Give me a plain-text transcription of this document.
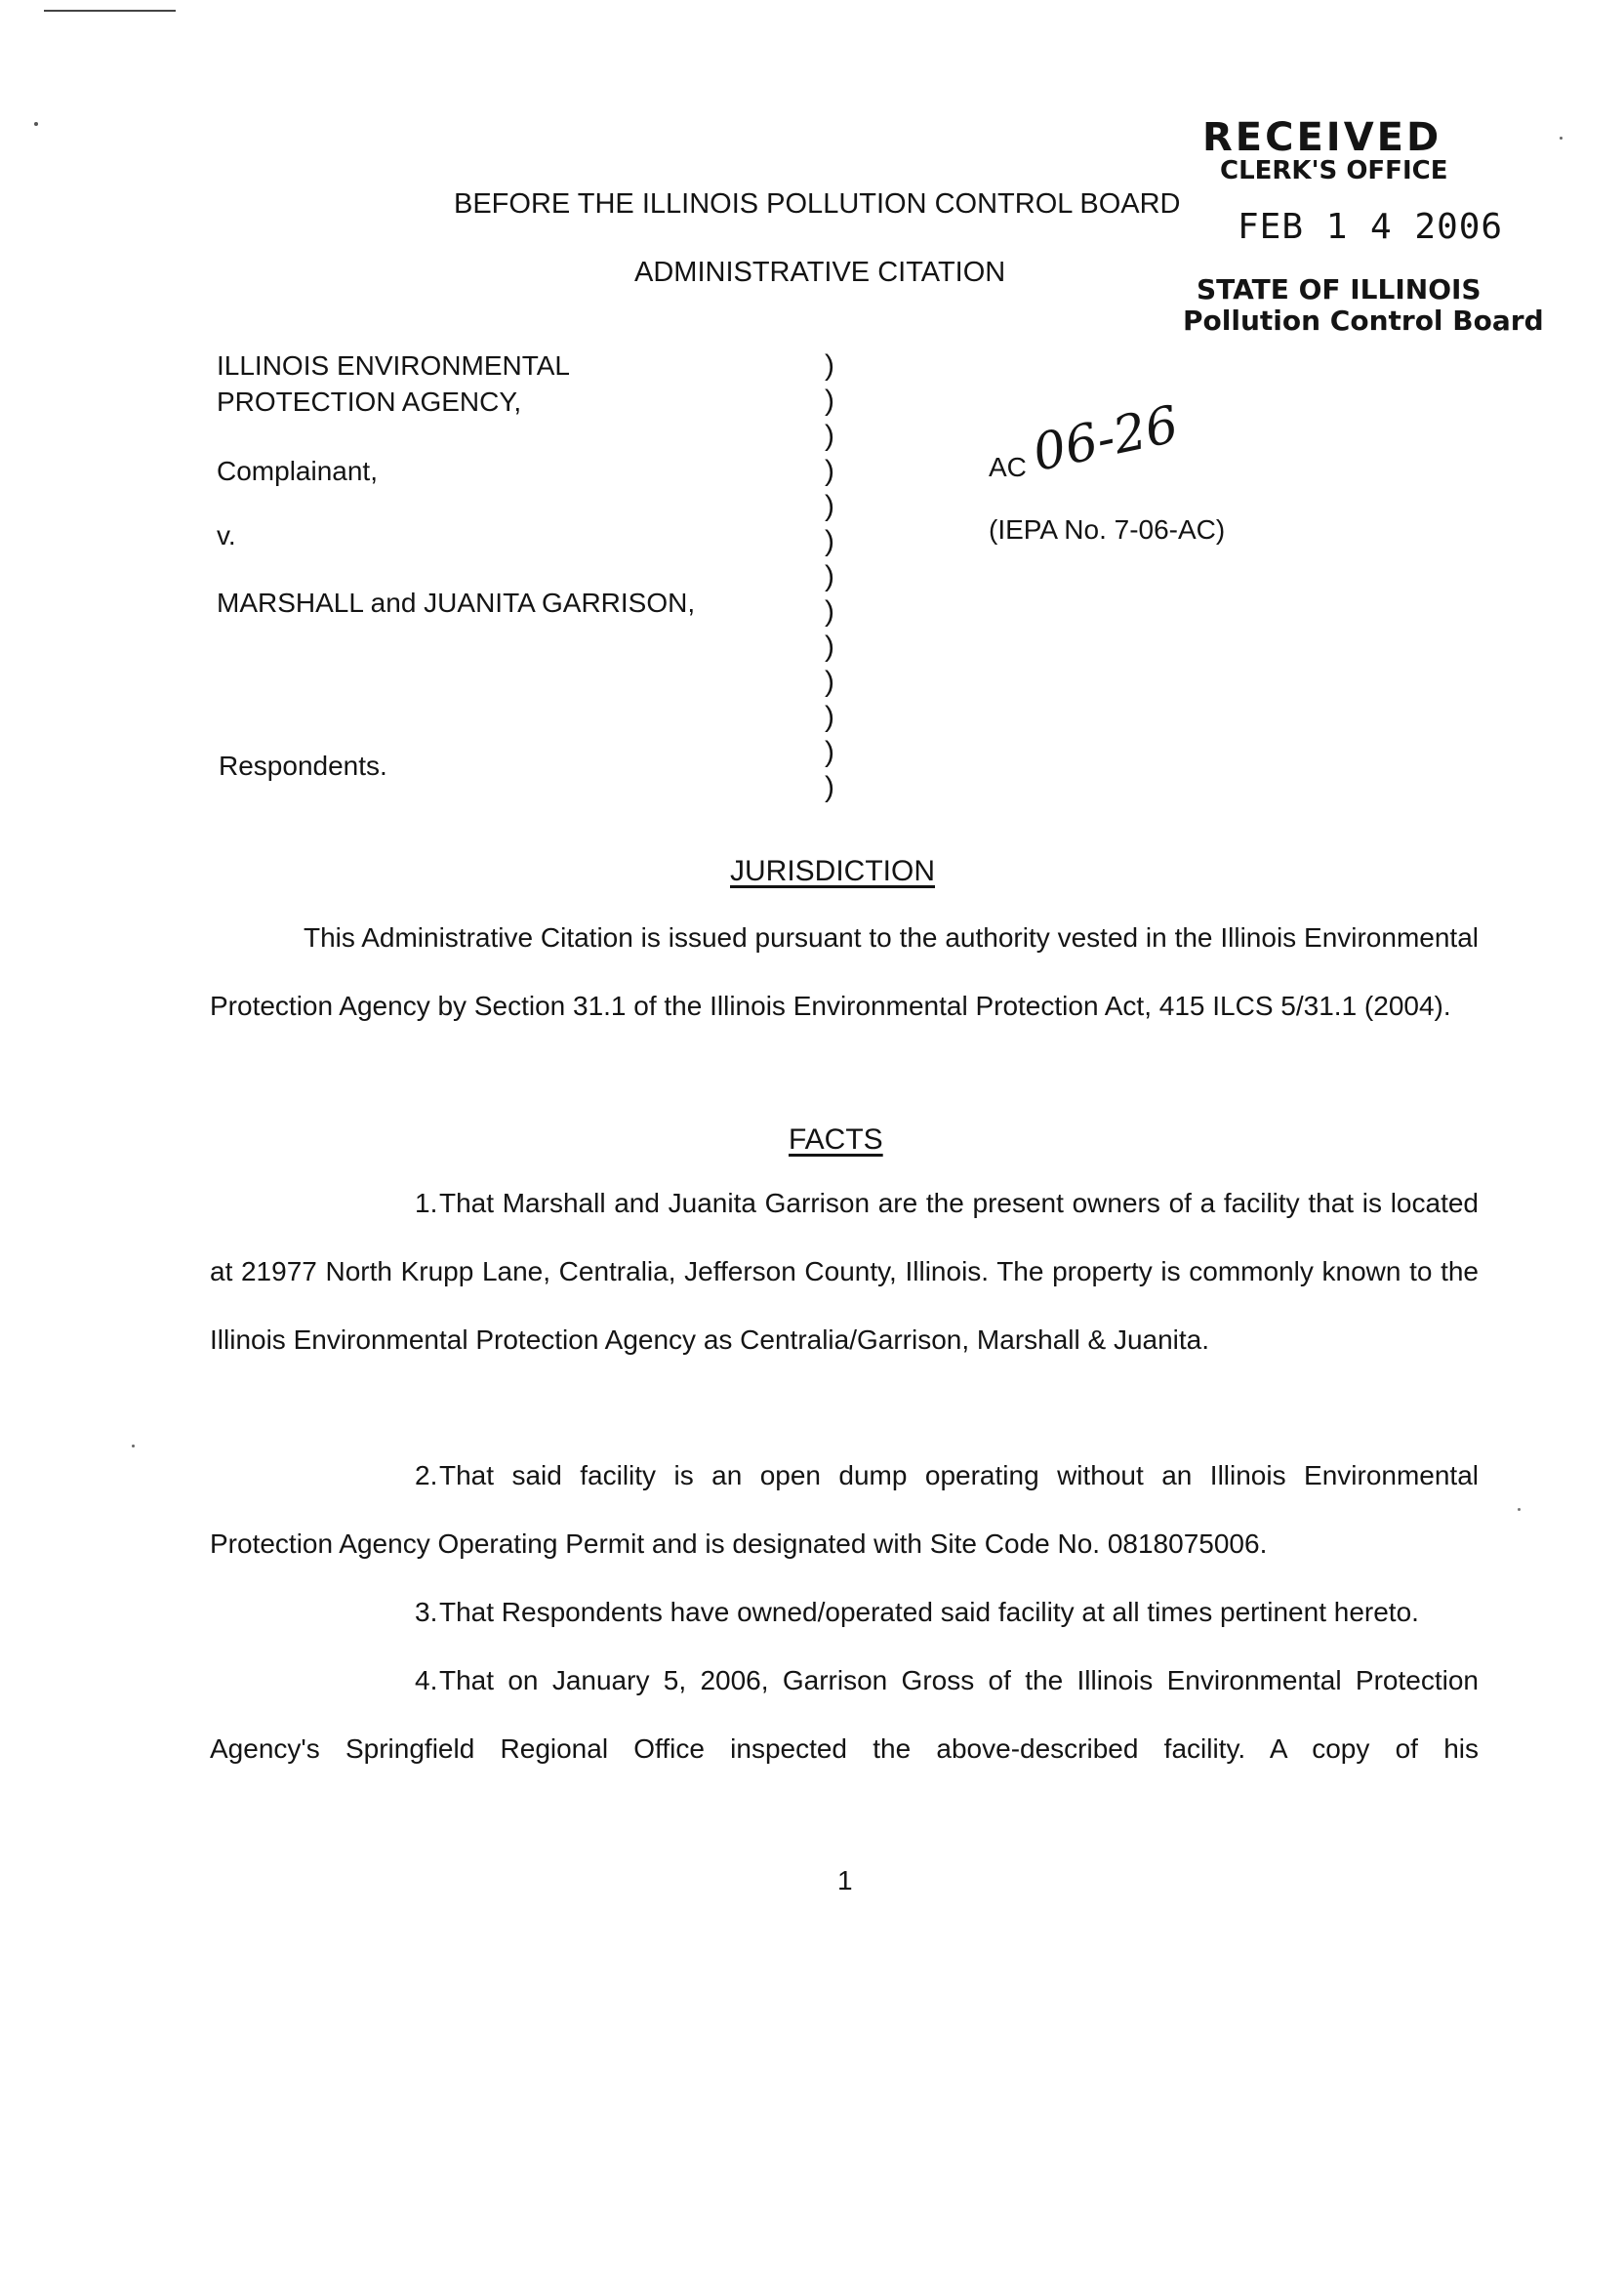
RECEIVED
CLERK'S OFFICE
FEB 1 4 2006
STATE OF ILLINOIS
Pollution Control Board
BEFORE THE ILLINOIS POLLUTION CONTROL BOARD
ADMINISTRATIVE CITATION
ILLINOIS ENVIRONMENTAL
PROTECTION AGENCY,
Complainant,
v.
MARSHALL and JUANITA GARRISON,
Respondents.
)
)
)
)
)
)
)
)
)
)
)
)
)
AC 06-26
(IEPA No. 7-06-AC)
JURISDICTION
This Administrative Citation is issued pursuant to the authority vested in the Illinois Environmental Protection Agency by Section 31.1 of the Illinois Environmental Protection Act, 415 ILCS 5/31.1 (2004).
FACTS
1.That Marshall and Juanita Garrison are the present owners of a facility that is located at 21977 North Krupp Lane, Centralia, Jefferson County, Illinois. The property is commonly known to the Illinois Environmental Protection Agency as Centralia/Garrison, Marshall & Juanita.
2.That said facility is an open dump operating without an Illinois Environmental Protection Agency Operating Permit and is designated with Site Code No. 0818075006.
3.That Respondents have owned/operated said facility at all times pertinent hereto.
4.That on January 5, 2006, Garrison Gross of the Illinois Environmental Protection Agency's Springfield Regional Office inspected the above-described facility. A copy of his
1
